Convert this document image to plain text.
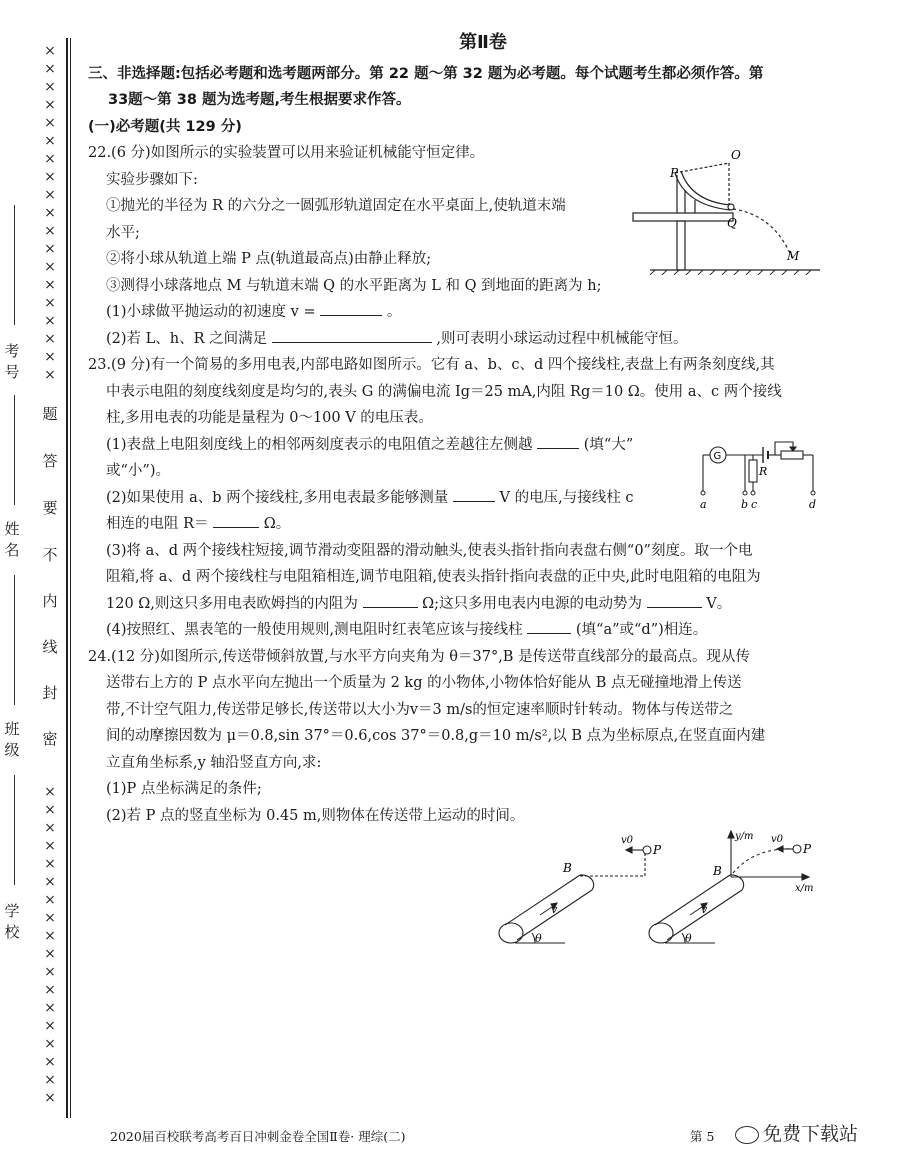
×
×
×
×
×
×
×
×
×
×
×
×
×
×
×
×
×
×
×
×
×
×
×
×
×
×
×
×
×
×
×
×
×
×
×
×
×
题
答
要
不
内
线
封
密
考号
姓名
班级
学校
第Ⅱ卷

三、非选择题:包括必考题和选考题两部分。第 22 题～第 32 题为必考题。每个试题考生都必须作答。第

33题～第 38 题为选考题,考生根据要求作答。

(一)必考题(共 129 分)

22.(6 分)如图所示的实验装置可以用来验证机械能守恒定律。

实验步骤如下:

①抛光的半径为 R 的六分之一圆弧形轨道固定在水平桌面上,使轨道末端

水平;

②将小球从轨道上端 P 点(轨道最高点)由静止释放;

③测得小球落地点 M 与轨道末端 Q 的水平距离为 L 和 Q 到地面的距离为 h;

(1)小球做平抛运动的初速度 v =	。

(2)若 L、h、R 之间满足	,则可表明小球运动过程中机械能守恒。

23.(9 分)有一个简易的多用电表,内部电路如图所示。它有 a、b、c、d 四个接线柱,表盘上有两条刻度线,其

中表示电阻的刻度线刻度是均匀的,表头 G 的满偏电流 Ig＝25 mA,内阻 Rg＝10 Ω。使用 a、c 两个接线

柱,多用电表的功能是量程为 0～100 V 的电压表。

(1)表盘上电阻刻度线上的相邻两刻度表示的电阻值之差越往左侧越	(填“大”

或“小”)。

(2)如果使用 a、b 两个接线柱,多用电表最多能够测量	V 的电压,与接线柱 c

相连的电阻 R＝	Ω。

(3)将 a、d 两个接线柱短接,调节滑动变阻器的滑动触头,使表头指针指向表盘右侧“0”刻度。取一个电

阻箱,将 a、d 两个接线柱与电阻箱相连,调节电阻箱,使表头指针指向表盘的正中央,此时电阻箱的电阻为

120 Ω,则这只多用电表欧姆挡的内阻为	Ω;这只多用电表内电源的电动势为	V。

(4)按照红、黑表笔的一般使用规则,测电阻时红表笔应该与接线柱	(填“a”或“d”)相连。

24.(12 分)如图所示,传送带倾斜放置,与水平方向夹角为 θ＝37°,B 是传送带直线部分的最高点。现从传

送带右上方的 P 点水平向左抛出一个质量为 2 kg 的小物体,小物体恰好能从 B 点无碰撞地滑上传送

带,不计空气阻力,传送带足够长,传送带以大小为v＝3 m/s的恒定速率顺时针转动。物体与传送带之

间的动摩擦因数为 μ＝0.8,sin 37°＝0.6,cos 37°＝0.8,g＝10 m/s²,以 B 点为坐标原点,在竖直面内建

立直角坐标系,y 轴沿竖直方向,求:

(1)P 点坐标满足的条件;

(2)若 P 点的竖直坐标为 0.45 m,则物体在传送带上运动的时间。

P
O
Q
M
G
R
a	b c	d
B
v0
P
v
θ
B
y/m
x/m
v0
P
v
θ
2020届百校联考高考百日冲刺金卷全国Ⅱ卷· 理综(二)	第 5	免费下载站
